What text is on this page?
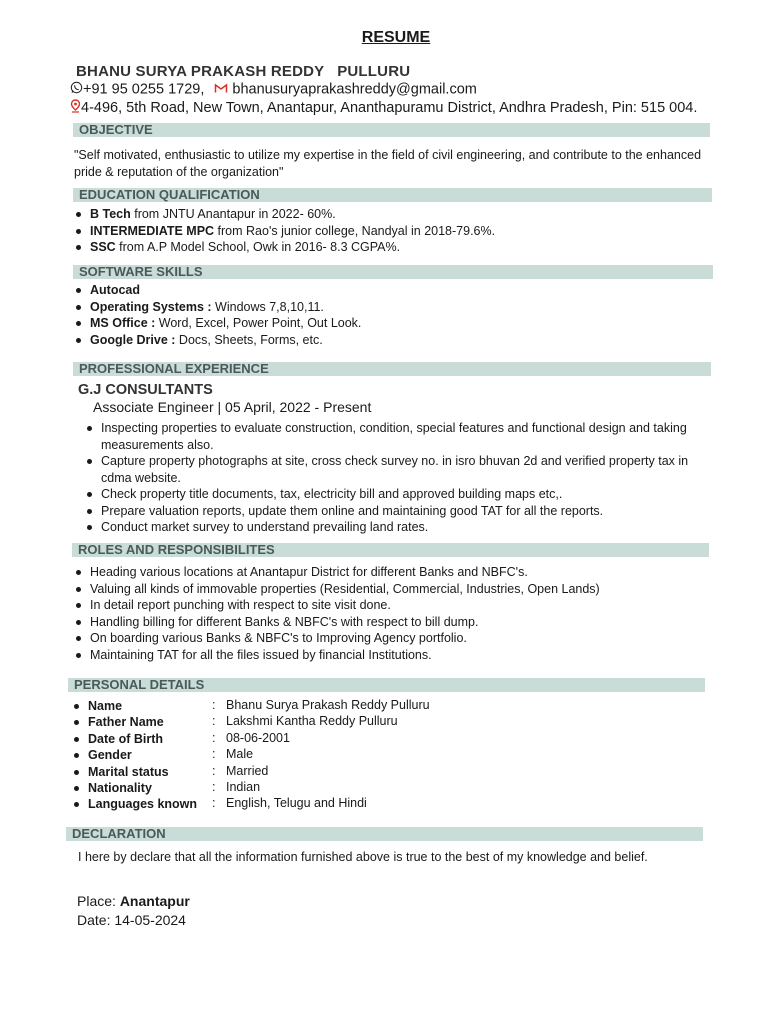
RESUME
BHANU SURYA PRAKASH REDDY   PULLURU
+91 95 0255 1729, bhanusuryaprakashreddy@gmail.com
4-496, 5th Road, New Town, Anantapur, Ananthapuramu District, Andhra Pradesh, Pin: 515 004.
OBJECTIVE
"Self motivated, enthusiastic to utilize my expertise in the field of civil engineering, and contribute to the enhanced pride & reputation of the organization"
EDUCATION QUALIFICATION
B Tech from JNTU Anantapur in 2022- 60%.
INTERMEDIATE MPC from Rao's junior college, Nandyal in 2018-79.6%.
SSC from A.P Model School, Owk in 2016- 8.3 CGPA%.
SOFTWARE SKILLS
Autocad
Operating Systems : Windows 7,8,10,11.
MS Office : Word, Excel, Power Point, Out Look.
Google Drive : Docs, Sheets, Forms, etc.
PROFESSIONAL EXPERIENCE
G.J CONSULTANTS
Associate Engineer | 05 April, 2022 - Present
Inspecting properties to evaluate construction, condition, special features and functional design and taking measurements also.
Capture property photographs at site, cross check survey no. in isro bhuvan 2d and verified property tax in cdma website.
Check property title documents, tax, electricity bill and approved building maps etc,.
Prepare valuation reports, update them online and maintaining good TAT for all the reports.
Conduct market survey to understand prevailing land rates.
ROLES AND RESPONSIBILITES
Heading various locations at Anantapur District for different Banks and NBFC's.
Valuing all kinds of immovable properties (Residential, Commercial, Industries, Open Lands)
In detail report punching with respect to site visit done.
Handling billing for different Banks & NBFC's with respect to bill dump.
On boarding various Banks & NBFC's to Improving Agency portfolio.
Maintaining TAT for all the files issued by financial Institutions.
PERSONAL DETAILS
Name	: Bhanu Surya Prakash Reddy Pulluru
Father Name	: Lakshmi Kantha Reddy Pulluru
Date of Birth	: 08-06-2001
Gender	: Male
Marital status	: Married
Nationality	: Indian
Languages known : English, Telugu and Hindi
DECLARATION
I here by declare that all the information furnished above is true to the best of my knowledge and belief.
Place: Anantapur
Date: 14-05-2024
